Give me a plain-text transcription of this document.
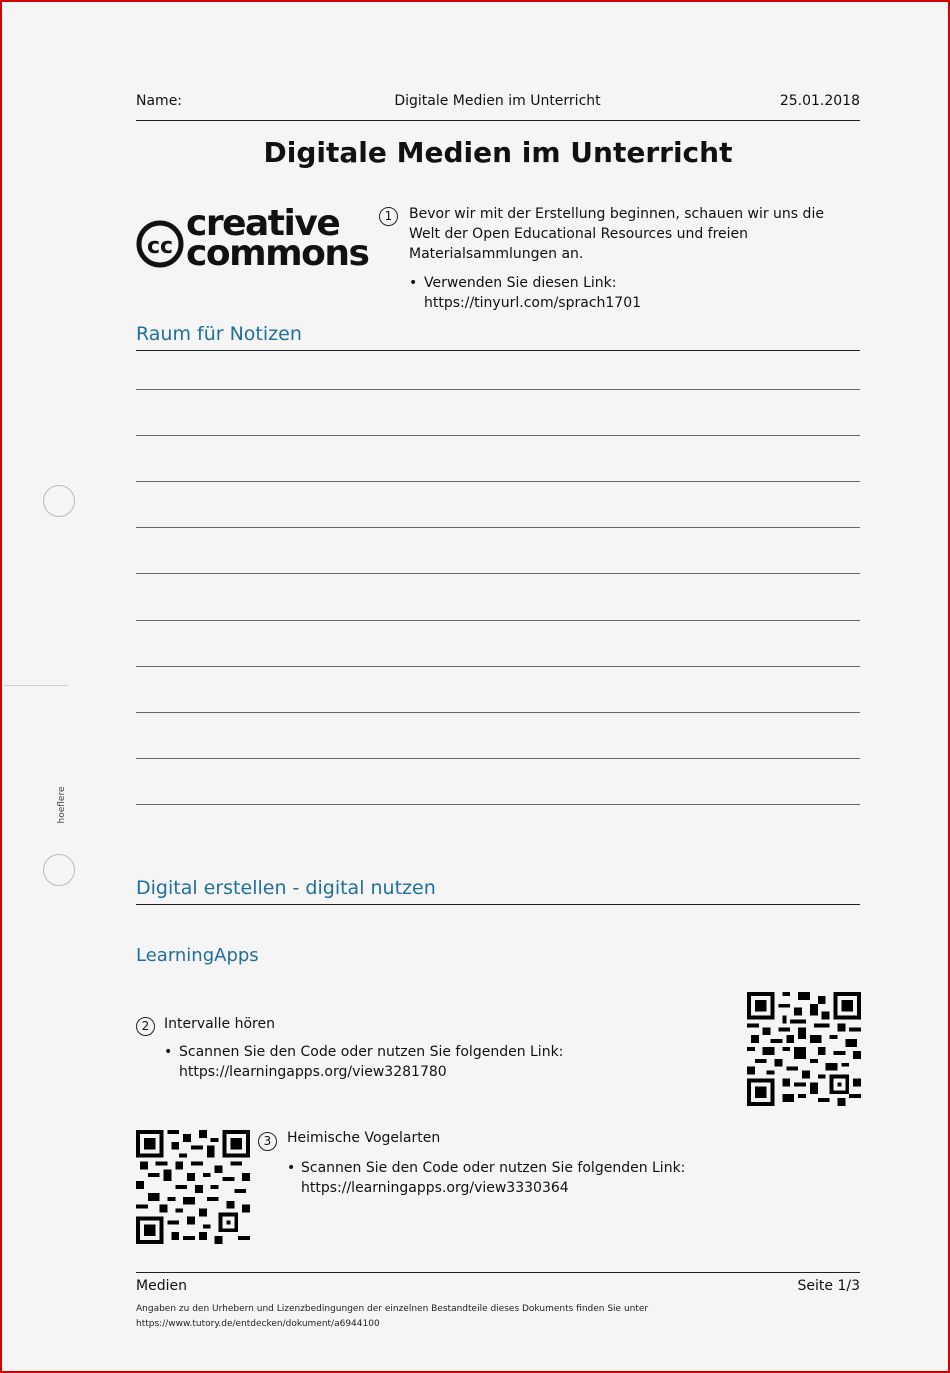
Name:	Digitale Medien im Unterricht	25.01.2018
Digitale Medien im Unterricht
cc
creative
commons
1	Bevor wir mit der Erstellung beginnen, schauen wir uns die Welt der Open Educational Resources und freien Materialsammlungen an.
• Verwenden Sie diesen Link:
https://tinyurl.com/sprach1701
Raum für Notizen
hoeflere
Digital erstellen - digital nutzen
LearningApps
2	Intervalle hören
• Scannen Sie den Code oder nutzen Sie folgenden Link:
https://learningapps.org/view3281780
3	Heimische Vogelarten
• Scannen Sie den Code oder nutzen Sie folgenden Link:
https://learningapps.org/view3330364
Medien	Seite 1/3
Angaben zu den Urhebern und Lizenzbedingungen der einzelnen Bestandteile dieses Dokuments finden Sie unter
https://www.tutory.de/entdecken/dokument/a6944100
